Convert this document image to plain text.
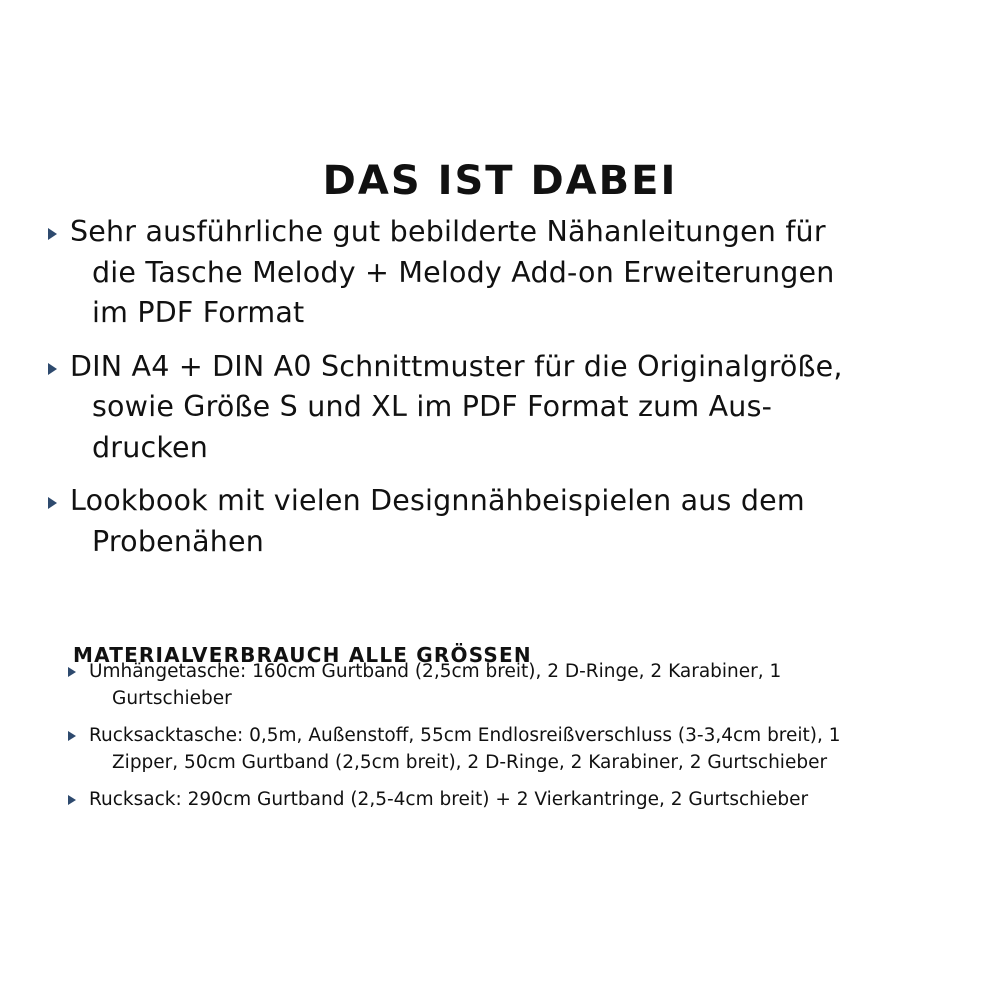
DAS IST DABEI
Sehr ausführliche gut bebilderte Nähanleitungen für
die Tasche Melody + Melody Add-on Erweiterungen
im PDF Format
DIN A4 + DIN A0 Schnittmuster für die Originalgröße,
sowie Größe S und XL im PDF Format zum Aus-
drucken
Lookbook mit vielen Designnähbeispielen aus dem
Probenähen
MATERIALVERBRAUCH ALLE GRÖSSEN
Umhängetasche: 160cm Gurtband (2,5cm breit), 2 D-Ringe, 2 Karabiner, 1
Gurtschieber
Rucksacktasche: 0,5m, Außenstoff, 55cm Endlosreißverschluss (3-3,4cm breit), 1
Zipper, 50cm Gurtband (2,5cm breit), 2 D-Ringe, 2 Karabiner, 2 Gurtschieber
Rucksack: 290cm Gurtband (2,5-4cm breit) + 2 Vierkantringe, 2 Gurtschieber
